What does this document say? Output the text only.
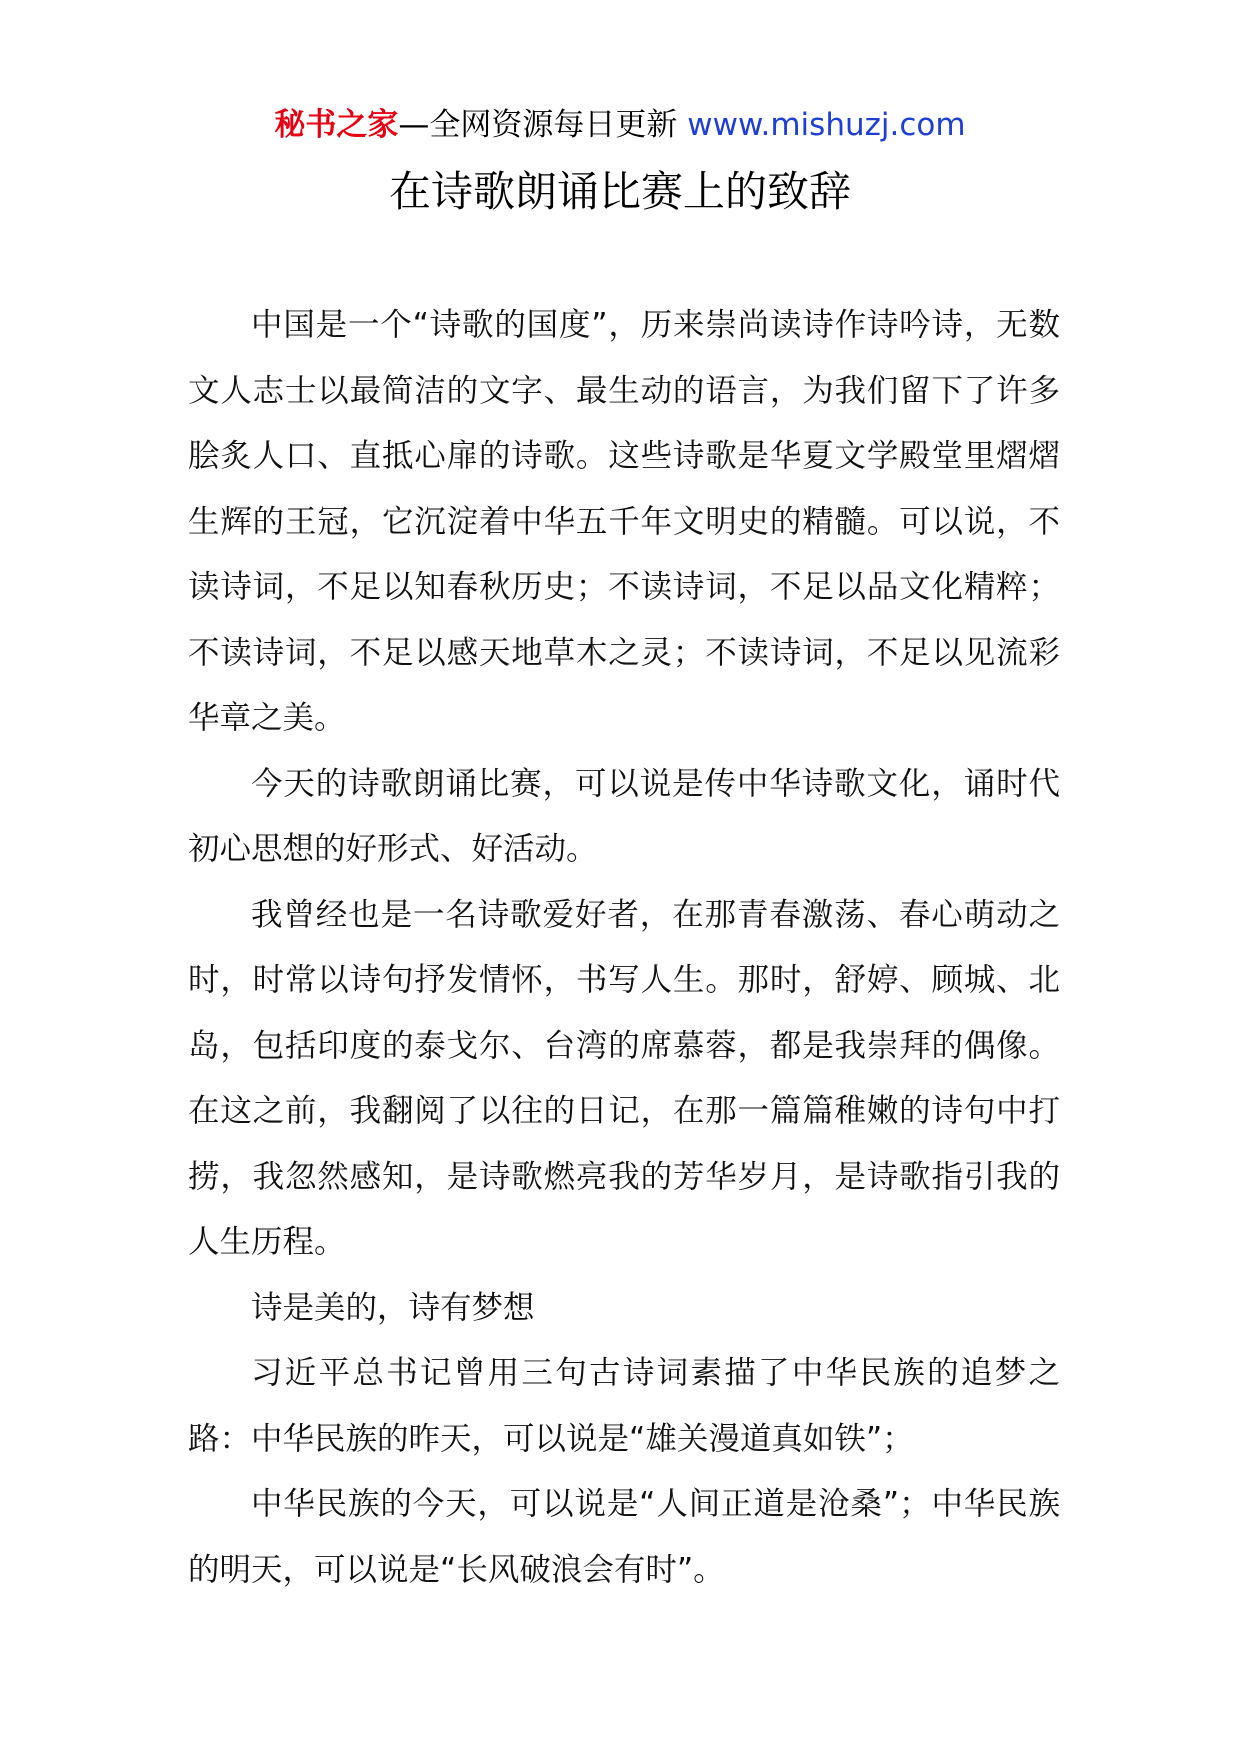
秘书之家—全网资源每日更新 www.mishuzj.com
在诗歌朗诵比赛上的致辞

中国是一个“诗歌的国度”，历来崇尚读诗作诗吟诗，无数文人志士以最简洁的文字、最生动的语言，为我们留下了许多脍炙人口、直抵心扉的诗歌。这些诗歌是华夏文学殿堂里熠熠生辉的王冠，它沉淀着中华五千年文明史的精髓。可以说，不读诗词，不足以知春秋历史；不读诗词，不足以品文化精粹；不读诗词，不足以感天地草木之灵；不读诗词，不足以见流彩华章之美。

今天的诗歌朗诵比赛，可以说是传中华诗歌文化，诵时代初心思想的好形式、好活动。

我曾经也是一名诗歌爱好者，在那青春激荡、春心萌动之时，时常以诗句抒发情怀，书写人生。那时，舒婷、顾城、北岛，包括印度的泰戈尔、台湾的席慕蓉，都是我崇拜的偶像。在这之前，我翻阅了以往的日记，在那一篇篇稚嫩的诗句中打捞，我忽然感知，是诗歌燃亮我的芳华岁月，是诗歌指引我的人生历程。

诗是美的，诗有梦想

习近平总书记曾用三句古诗词素描了中华民族的追梦之路：中华民族的昨天，可以说是“雄关漫道真如铁”；

中华民族的今天，可以说是“人间正道是沧桑”；中华民族的明天，可以说是“长风破浪会有时”。
